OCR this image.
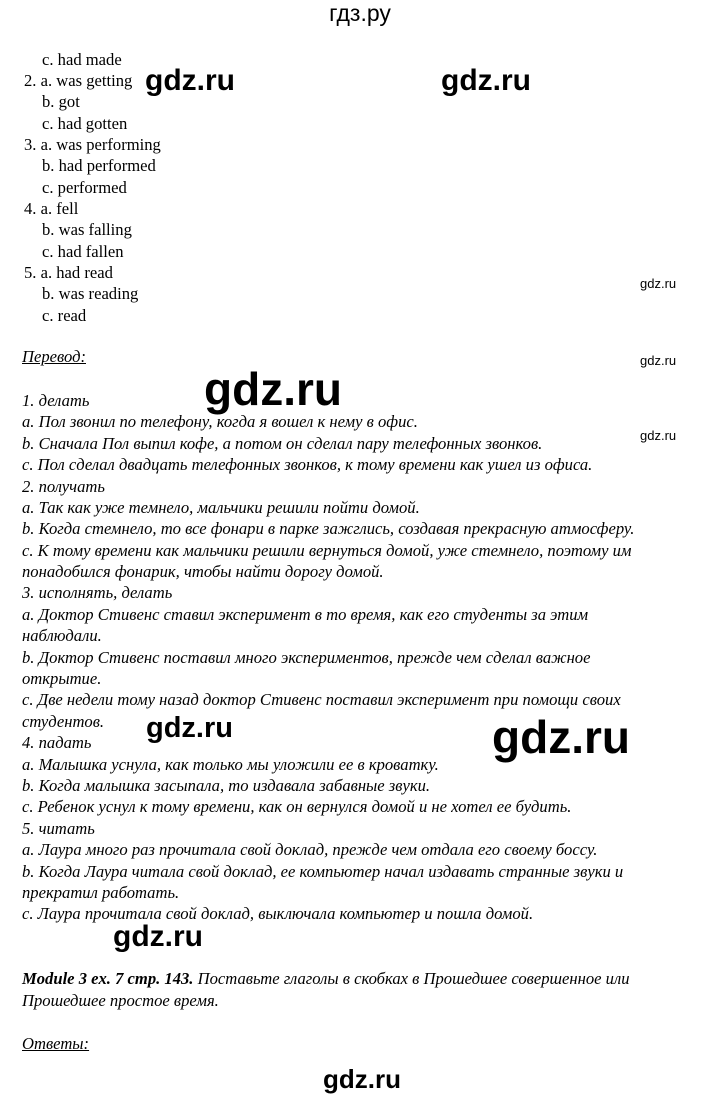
гдз.ру
c. had made
2. a. was getting
b. got
c. had gotten
3. a. was performing
b. had performed
c. performed
4. a. fell
b. was falling
c. had fallen
5. a. had read
b. was reading
c. read
Перевод:
1. делать
a. Пол звонил по телефону, когда я вошел к нему в офис.
b. Сначала Пол выпил кофе, а потом он сделал пару телефонных звонков.
c. Пол сделал двадцать телефонных звонков, к тому времени как ушел из офиса.
2. получать
a. Так как уже темнело, мальчики решили пойти домой.
b. Когда стемнело, то все фонари в парке зажглись, создавая прекрасную атмосферу.
c. К тому времени как мальчики решили вернуться домой, уже стемнело, поэтому им
понадобился фонарик, чтобы найти дорогу домой.
3. исполнять, делать
a. Доктор Стивенс ставил эксперимент в то время, как его студенты за этим
наблюдали.
b. Доктор Стивенс поставил много экспериментов, прежде чем сделал важное
открытие.
c. Две недели тому назад доктор Стивенс поставил эксперимент при помощи своих
студентов.
4. падать
a. Малышка уснула, как только мы уложили ее в кроватку.
b. Когда малышка засыпала, то издавала забавные звуки.
c. Ребенок уснул к тому времени, как он вернулся домой и не хотел ее будить.
5. читать
a. Лаура много раз прочитала свой доклад, прежде чем отдала его своему боссу.
b. Когда Лаура читала свой доклад, ее компьютер начал издавать странные звуки и
прекратил работать.
c. Лаура прочитала свой доклад, выключала компьютер и пошла домой.
Module 3 ex. 7 стр. 143. Поставьте глаголы в скобках в Прошедшее совершенное или
Прошедшее простое время.
Ответы:
gdz.ru	gdz.ru
gdz.ru
gdz.ru	gdz.ru
gdz.ru
gdz.ru
gdz.ru
gdz.ru
gdz.ru
